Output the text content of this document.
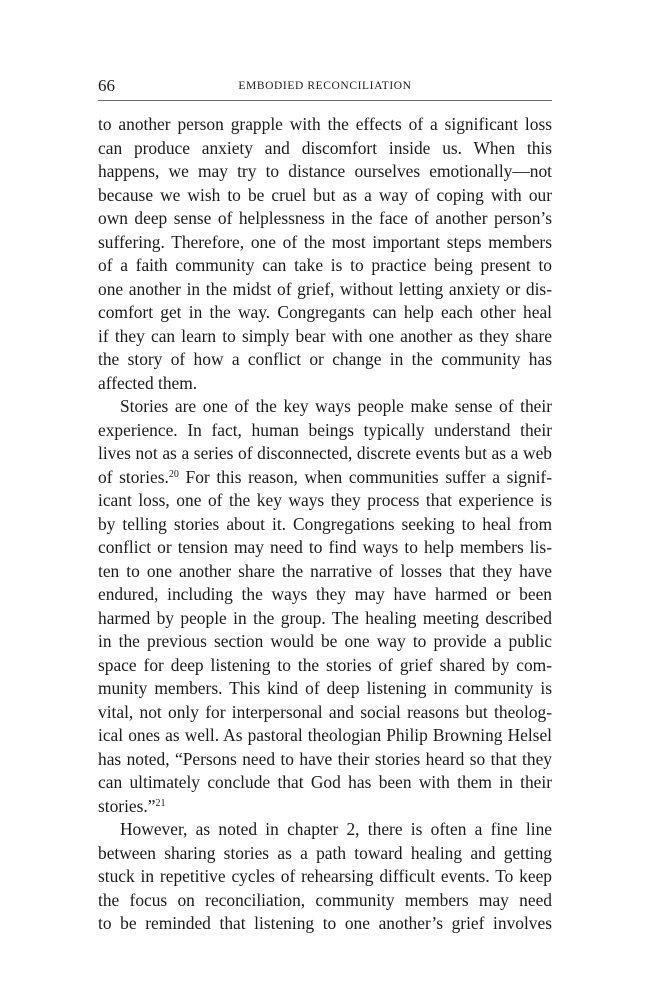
66	EMBODIED RECONCILIATION
to another person grapple with the effects of a significant loss
can produce anxiety and discomfort inside us. When this
happens, we may try to distance ourselves emotionally—not
because we wish to be cruel but as a way of coping with our
own deep sense of helplessness in the face of another person’s
suffering. Therefore, one of the most important steps members
of a faith community can take is to practice being present to
one another in the midst of grief, without letting anxiety or dis-
comfort get in the way. Congregants can help each other heal
if they can learn to simply bear with one another as they share
the story of how a conflict or change in the community has
affected them.
Stories are one of the key ways people make sense of their
experience. In fact, human beings typically understand their
lives not as a series of disconnected, discrete events but as a web
of stories.$^{20}$ For this reason, when communities suffer a signif-
icant loss, one of the key ways they process that experience is
by telling stories about it. Congregations seeking to heal from
conflict or tension may need to find ways to help members lis-
ten to one another share the narrative of losses that they have
endured, including the ways they may have harmed or been
harmed by people in the group. The healing meeting described
in the previous section would be one way to provide a public
space for deep listening to the stories of grief shared by com-
munity members. This kind of deep listening in community is
vital, not only for interpersonal and social reasons but theolog-
ical ones as well. As pastoral theologian Philip Browning Helsel
has noted, “Persons need to have their stories heard so that they
can ultimately conclude that God has been with them in their
stories.”$^{21}$
However, as noted in chapter 2, there is often a fine line
between sharing stories as a path toward healing and getting
stuck in repetitive cycles of rehearsing difficult events. To keep
the focus on reconciliation, community members may need
to be reminded that listening to one another’s grief involves
